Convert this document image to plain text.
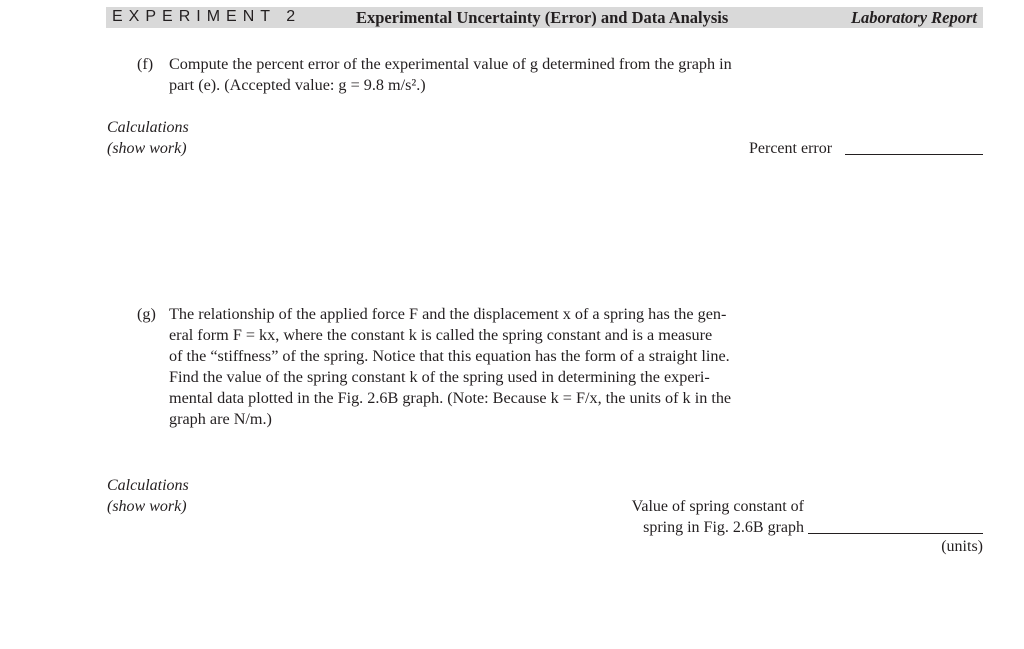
EXPERIMENT 2	Experimental Uncertainty (Error) and Data Analysis	Laboratory Report
(f) Compute the percent error of the experimental value of g determined from the graph in
part (e). (Accepted value: g = 9.8 m/s².)
Calculations
(show work)	Percent error
(g) The relationship of the applied force F and the displacement x of a spring has the gen-
eral form F = kx, where the constant k is called the spring constant and is a measure
of the “stiffness” of the spring. Notice that this equation has the form of a straight line.
Find the value of the spring constant k of the spring used in determining the experi-
mental data plotted in the Fig. 2.6B graph. (Note: Because k = F/x, the units of k in the
graph are N/m.)
Calculations
(show work)	Value of spring constant of
spring in Fig. 2.6B graph
(units)
